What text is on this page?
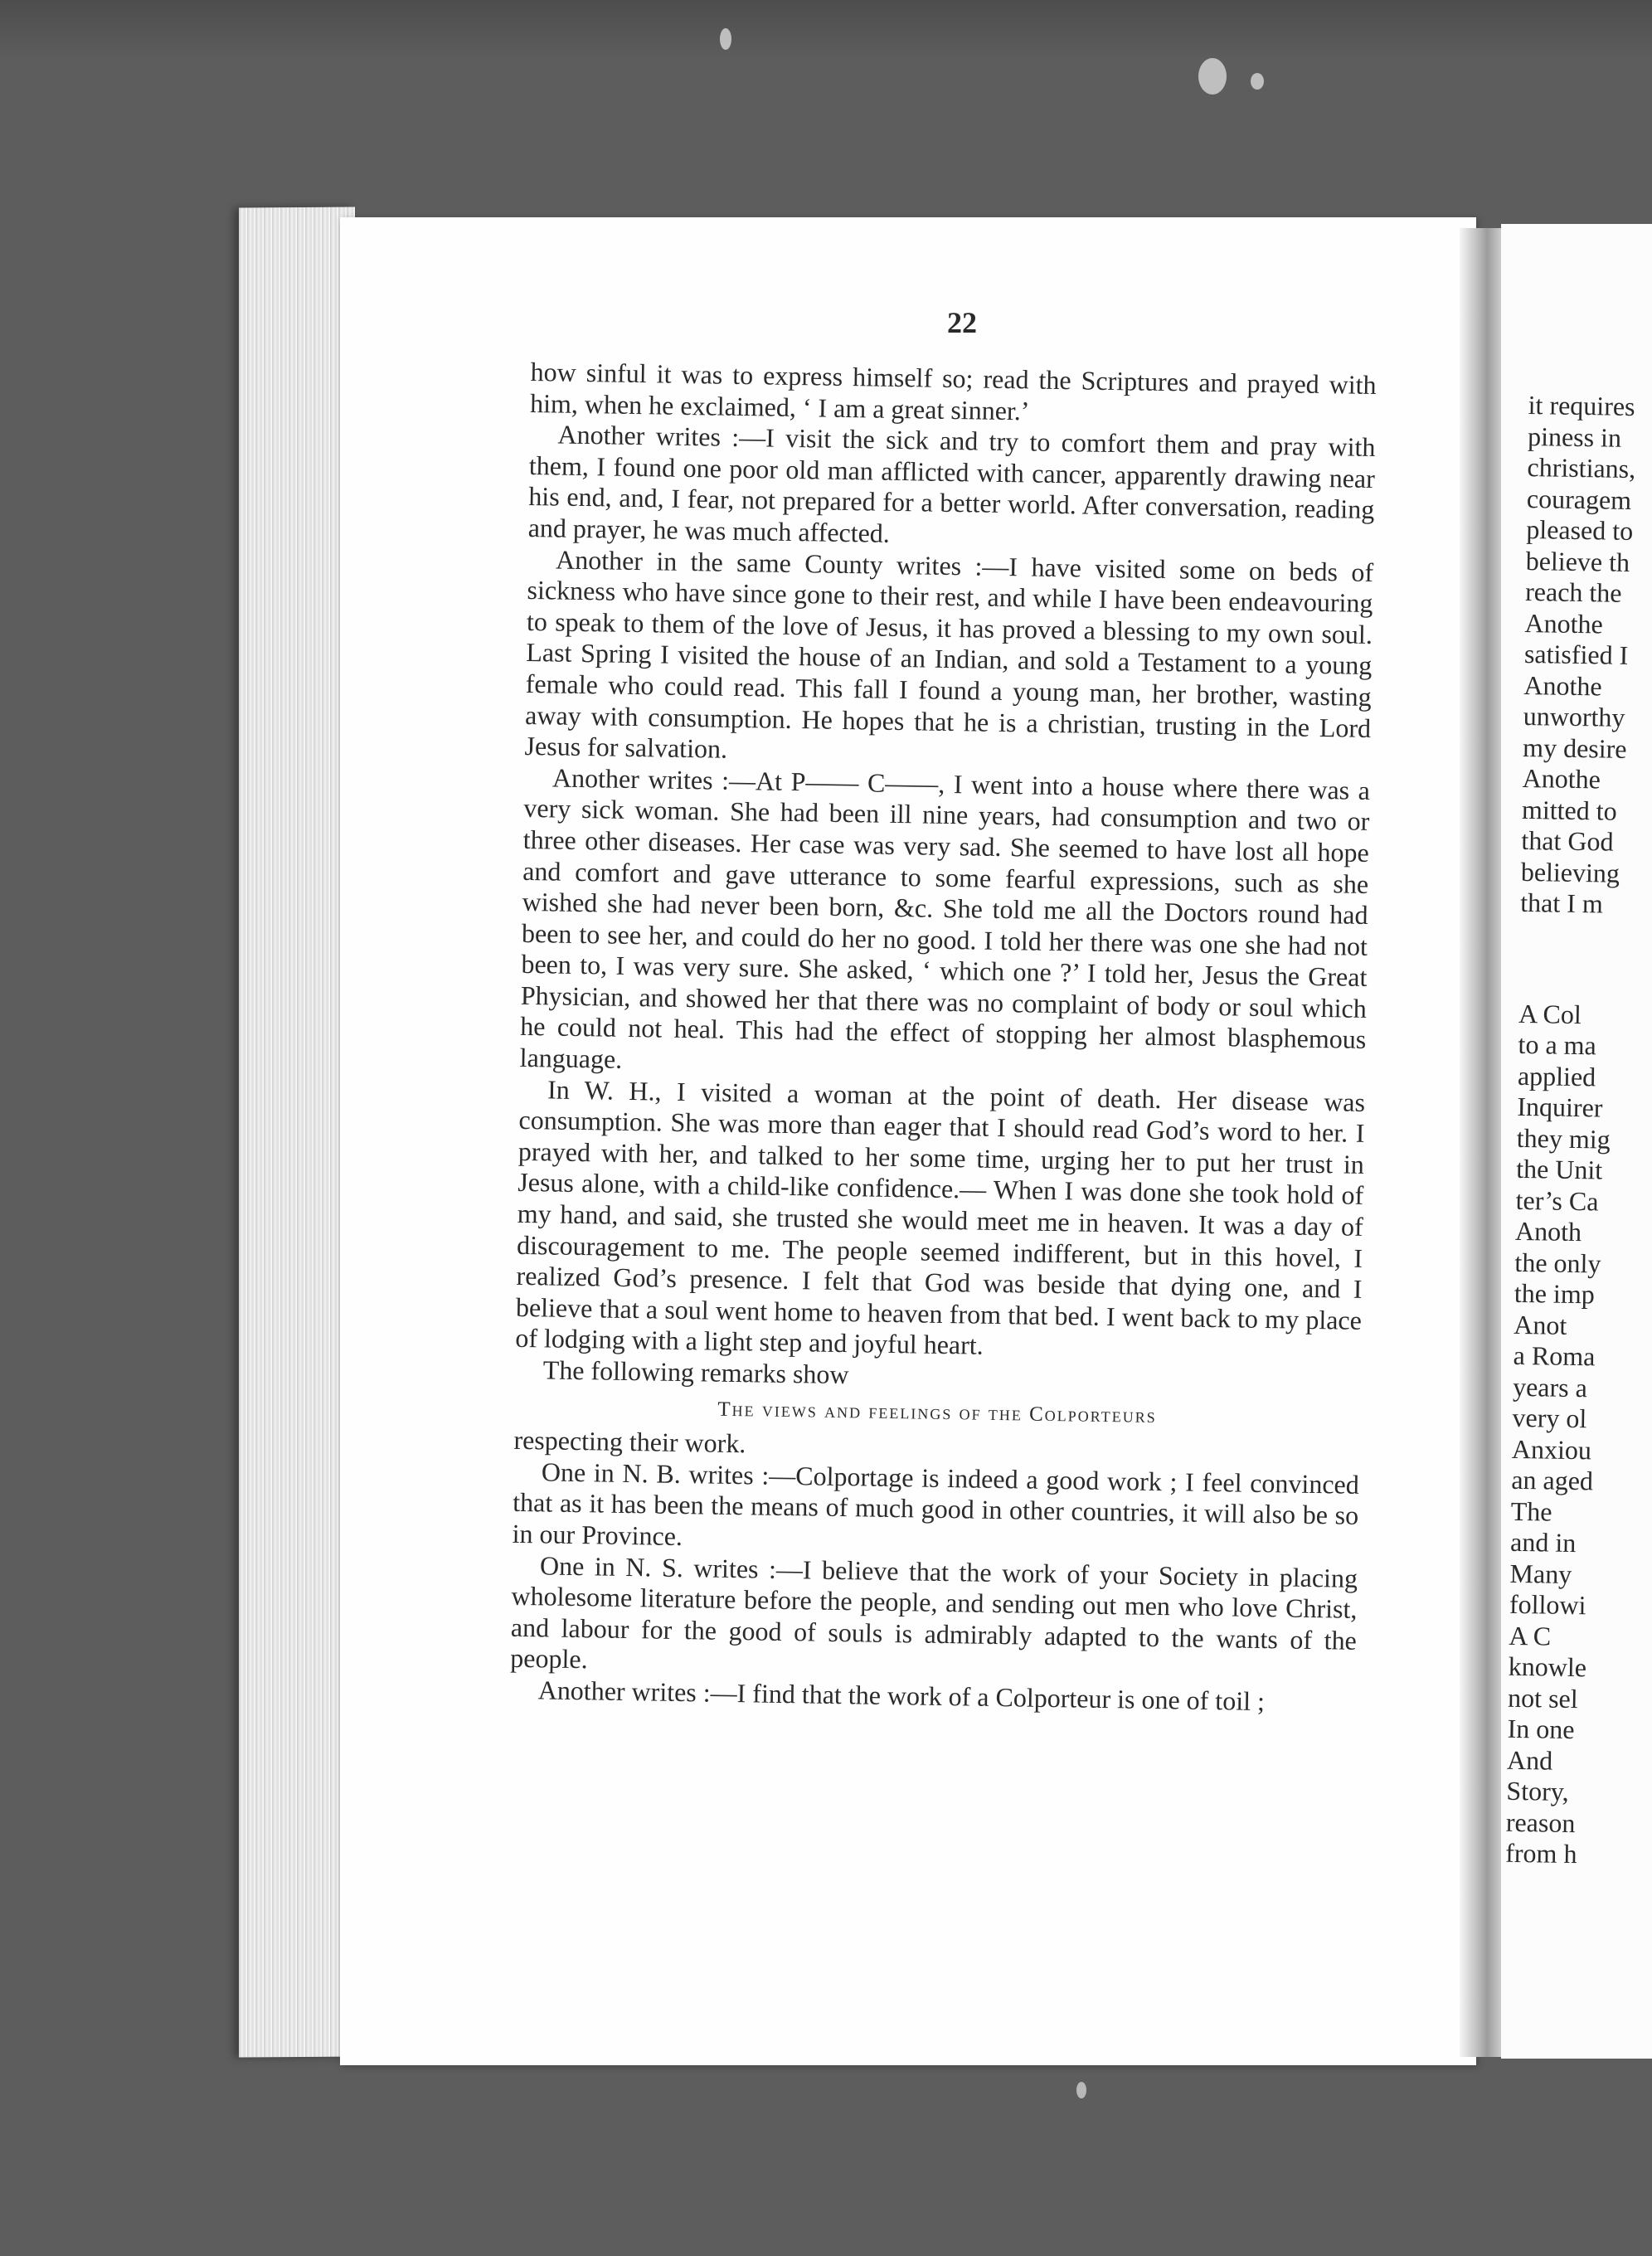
22

how sinful it was to express himself so; read the Scriptures and prayed with him, when he exclaimed, ‘ I am a great sinner.’

Another writes :—I visit the sick and try to comfort them and pray with them, I found one poor old man afflicted with cancer, apparently drawing near his end, and, I fear, not prepared for a better world. After conversation, reading and prayer, he was much affected.

Another in the same County writes :—I have visited some on beds of sickness who have since gone to their rest, and while I have been endeavouring to speak to them of the love of Jesus, it has proved a blessing to my own soul. Last Spring I visited the house of an Indian, and sold a Testament to a young female who could read. This fall I found a young man, her brother, wasting away with consumption. He hopes that he is a christian, trusting in the Lord Jesus for salvation.

Another writes :—At P—— C——, I went into a house where there was a very sick woman. She had been ill nine years, had consumption and two or three other diseases. Her case was very sad. She seemed to have lost all hope and comfort and gave utterance to some fearful expressions, such as she wished she had never been born, &c. She told me all the Doctors round had been to see her, and could do her no good. I told her there was one she had not been to, I was very sure. She asked, ‘ which one ?’ I told her, Jesus the Great Physician, and showed her that there was no complaint of body or soul which he could not heal. This had the effect of stopping her almost blasphemous language.

In W. H., I visited a woman at the point of death. Her disease was consumption. She was more than eager that I should read God’s word to her. I prayed with her, and talked to her some time, urging her to put her trust in Jesus alone, with a child-like confidence.— When I was done she took hold of my hand, and said, she trusted she would meet me in heaven. It was a day of discouragement to me. The people seemed indifferent, but in this hovel, I realized God’s presence. I felt that God was beside that dying one, and I believe that a soul went home to heaven from that bed. I went back to my place of lodging with a light step and joyful heart.

The following remarks show

The views and feelings of the Colporteurs

respecting their work.

One in N. B. writes :—Colportage is indeed a good work ; I feel convinced that as it has been the means of much good in other countries, it will also be so in our Province.

One in N. S. writes :—I believe that the work of your Society in placing wholesome literature before the people, and sending out men who love Christ, and labour for the good of souls is admirably adapted to the wants of the people.

Another writes :—I find that the work of a Colporteur is one of toil ;

it requires
piness in
christians,
couragem
pleased to
believe th
reach the
Anothe
satisfied I
Anothe
unworthy
my desire
Anothe
mitted to
that God
believing
that I m
A Col
to a ma
applied
Inquirer
they mig
the Unit
ter’s Ca
Anoth
the only
the imp
Anot
a Roma
years a
very ol
Anxiou
an aged
The
and in
Many
followi
A C
knowle
not sel
In one
And
Story,
reason
from h
